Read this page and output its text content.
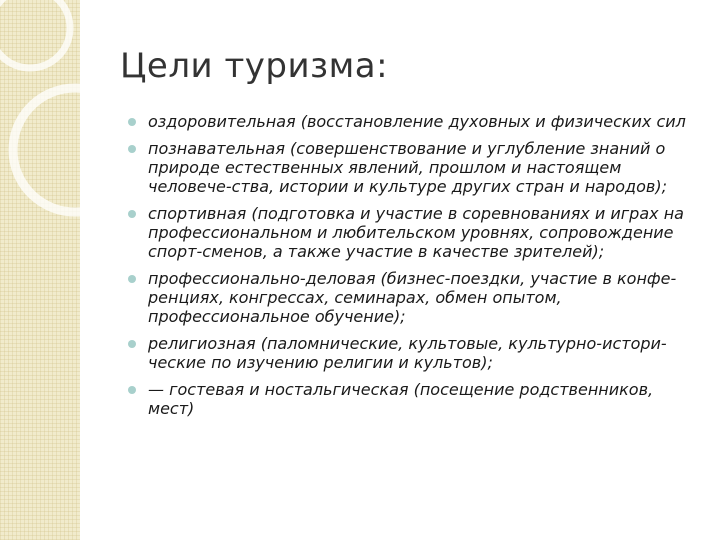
Цели туризма:
оздоровительная (восстановление духовных и физических сил
познавательная (совершенствование и углубление знаний о природе естественных явлений, прошлом и настоящем человече-ства, истории и культуре других стран и народов);
спортивная (подготовка и участие в соревнованиях и играх на профессиональном и любительском уровнях, сопровождение спорт-сменов, а также участие в качестве зрителей);
профессионально-деловая (бизнес-поездки, участие в конфе-ренциях, конгрессах, семинарах, обмен опытом, профессиональное обучение);
религиозная (паломнические, культовые, культурно-истори-ческие по изучению религии и культов);
— гостевая и ностальгическая (посещение родственников, мест)
